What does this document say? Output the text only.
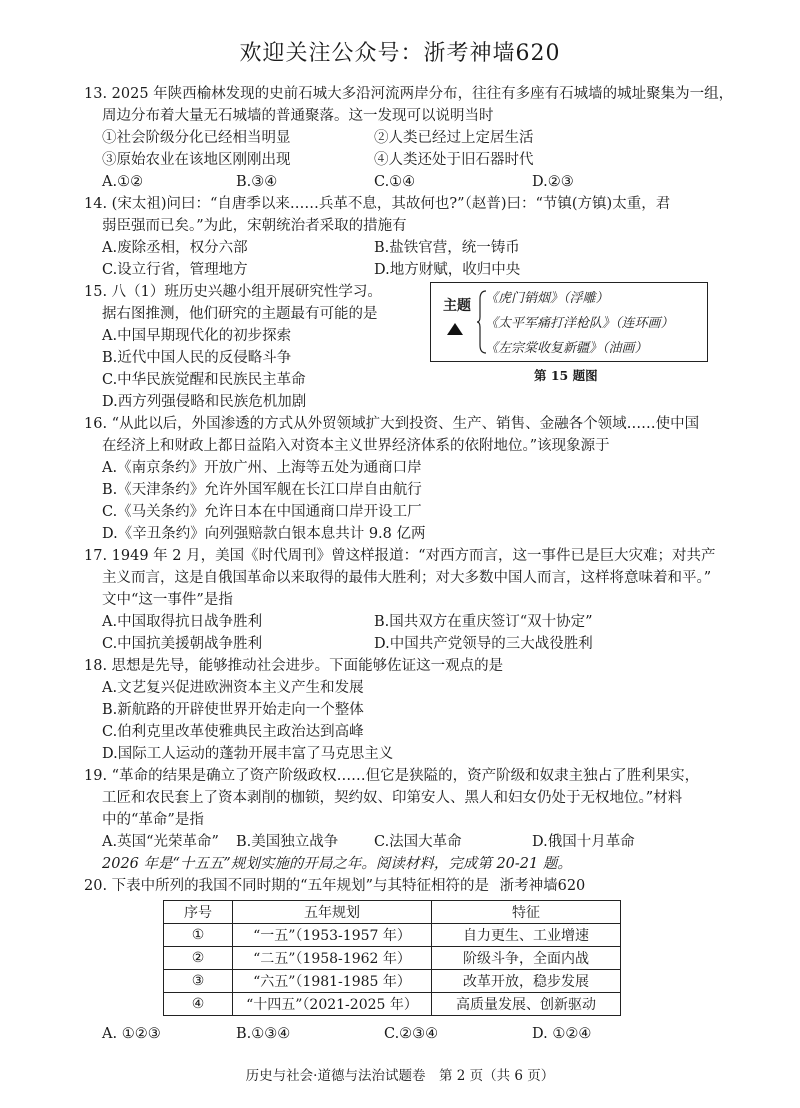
欢迎关注公众号：浙考神墙620
13. 2025 年陕西榆林发现的史前石城大多沿河流两岸分布，往往有多座有石城墙的城址聚集为一组，
周边分布着大量无石城墙的普通聚落。这一发现可以说明当时
①社会阶级分化已经相当明显	②人类已经过上定居生活
③原始农业在该地区刚刚出现	④人类还处于旧石器时代
A.①②	B.③④	C.①④	D.②③
14. (宋太祖)问曰：“自唐季以来……兵革不息，其故何也?”（赵普)曰：“节镇(方镇)太重，君
弱臣强而已矣。”为此，宋朝统治者采取的措施有
A.废除丞相，权分六部	B.盐铁官营，统一铸币
C.设立行省，管理地方	D.地方财赋，收归中央
15. 八（1）班历史兴趣小组开展研究性学习。
据右图推测，他们研究的主题最有可能的是
A.中国早期现代化的初步探索
B.近代中国人民的反侵略斗争
C.中华民族觉醒和民族民主革命
D.西方列强侵略和民族危机加剧
主题 《虎门销烟》（浮雕）
《太平军痛打洋枪队》（连环画）
《左宗棠收复新疆》（油画）
第 15 题图
16. “从此以后，外国渗透的方式从外贸领域扩大到投资、生产、销售、金融各个领域……使中国
在经济上和财政上都日益陷入对资本主义世界经济体系的依附地位。”该现象源于
A.《南京条约》开放广州、上海等五处为通商口岸
B.《天津条约》允许外国军舰在长江口岸自由航行
C.《马关条约》允许日本在中国通商口岸开设工厂
D.《辛丑条约》向列强赔款白银本息共计 9.8 亿两
17. 1949 年 2 月，美国《时代周刊》曾这样报道：“对西方而言，这一事件已是巨大灾难；对共产
主义而言，这是自俄国革命以来取得的最伟大胜利；对大多数中国人而言，这样将意味着和平。”
文中“这一事件”是指
A.中国取得抗日战争胜利	B.国共双方在重庆签订“双十协定”
C.中国抗美援朝战争胜利	D.中国共产党领导的三大战役胜利
18. 思想是先导，能够推动社会进步。下面能够佐证这一观点的是
A.文艺复兴促进欧洲资本主义产生和发展
B.新航路的开辟使世界开始走向一个整体
C.伯利克里改革使雅典民主政治达到高峰
D.国际工人运动的蓬勃开展丰富了马克思主义
19. “革命的结果是确立了资产阶级政权……但它是狭隘的，资产阶级和奴隶主独占了胜利果实，
工匠和农民套上了资本剥削的枷锁，契约奴、印第安人、黑人和妇女仍处于无权地位。”材料
中的“革命”是指
A.英国“光荣革命” B.美国独立战争 C.法国大革命	D.俄国十月革命
2026 年是“十五五”规划实施的开局之年。阅读材料，完成第 20-21 题。
20. 下表中所列的我国不同时期的“五年规划”与其特征相符的是 浙考神墙620
序号	五年规划	特征
①	“一五”（1953-1957 年）	自力更生、工业增速
②	“二五”（1958-1962 年）	阶级斗争，全面内战
③	“六五”（1981-1985 年）	改革开放，稳步发展
④	“十四五”（2021-2025 年）	高质量发展、创新驱动
A. ①②③	B.①③④	C.②③④	D. ①②④
历史与社会·道德与法治试题卷　第 2 页（共 6 页）
